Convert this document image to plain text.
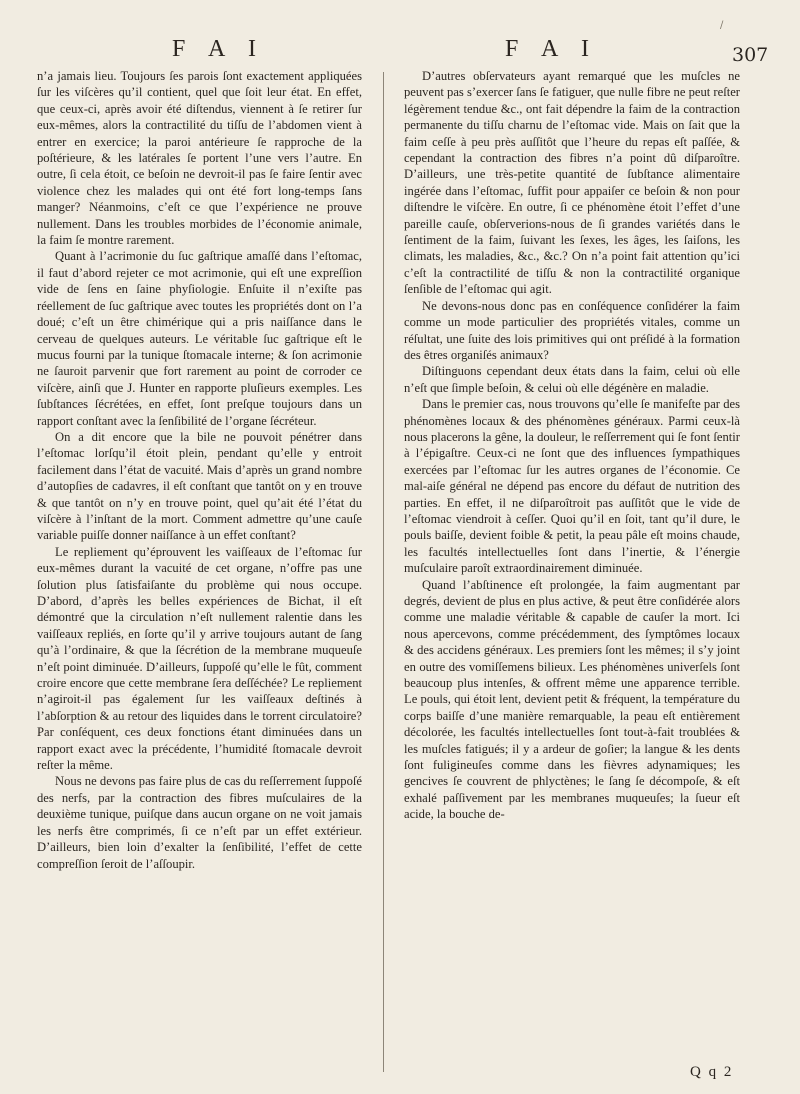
/
F A I	F A I	307

n’a jamais lieu. Toujours ſes parois ſont exactement appliquées ſur les viſcères qu’il contient, quel que ſoit leur état. En effet, que ceux-ci, après avoir été diſtendus, viennent à ſe retirer ſur eux-mêmes, alors la contractilité du tiſſu de l’abdomen vient à entrer en exercice; la paroi antérieure ſe rapproche de la poſtérieure, & les latérales ſe portent l’une vers l’autre. En outre, ſi cela étoit, ce beſoin ne devroit-il pas ſe faire ſentir avec violence chez les malades qui ont été fort long-temps ſans manger? Néanmoins, c’eſt ce que l’expérience ne prouve nullement. Dans les troubles morbides de l’économie animale, la faim ſe montre rarement.

Quant à l’acrimonie du ſuc gaſtrique amaſſé dans l’eſtomac, il faut d’abord rejeter ce mot acrimonie, qui eſt une expreſſion vide de ſens en ſaine phyſiologie. Enſuite il n’exiſte pas réellement de ſuc gaſtrique avec toutes les propriétés dont on l’a doué; c’eſt un être chimérique qui a pris naiſſance dans le cerveau de quelques auteurs. Le véritable ſuc gaſtrique eſt le mucus fourni par la tunique ſtomacale interne; & ſon acrimonie ne ſauroit parvenir que fort rarement au point de corroder ce viſcère, ainſi que J. Hunter en rapporte pluſieurs exemples. Les ſubſtances ſécrétées, en effet, ſont preſque toujours dans un rapport conſtant avec la ſenſibilité de l’organe ſécréteur.

On a dit encore que la bile ne pouvoit pénétrer dans l’eſtomac lorſqu’il étoit plein, pendant qu’elle y entroit facilement dans l’état de vacuité. Mais d’après un grand nombre d’autopſies de cadavres, il eſt conſtant que tantôt on y en trouve & que tantôt on n’y en trouve point, quel qu’ait été l’état du viſcère à l’inſtant de la mort. Comment admettre qu’une cauſe variable puiſſe donner naiſſance à un effet conſtant?

Le repliement qu’éprouvent les vaiſſeaux de l’eſtomac ſur eux-mêmes durant la vacuité de cet organe, n’offre pas une ſolution plus ſatisfaiſante du problème qui nous occupe. D’abord, d’après les belles expériences de Bichat, il eſt démontré que la circulation n’eſt nullement ralentie dans les vaiſſeaux repliés, en ſorte qu’il y arrive toujours autant de ſang qu’à l’ordinaire, & que la ſécrétion de la membrane muqueuſe n’eſt point diminuée. D’ailleurs, ſuppoſé qu’elle le fût, comment croire encore que cette membrane ſera deſſéchée? Le repliement n’agiroit-il pas également ſur les vaiſſeaux deſtinés à l’abſorption & au retour des liquides dans le torrent circulatoire? Par conſéquent, ces deux fonctions étant diminuées dans un rapport exact avec la précédente, l’humidité ſtomacale devroit reſter la même.

Nous ne devons pas faire plus de cas du reſſerrement ſuppoſé des nerfs, par la contraction des fibres muſculaires de la deuxième tunique, puiſque dans aucun organe on ne voit jamais les nerfs être comprimés, ſi ce n’eſt par un effet extérieur. D’ailleurs, bien loin d’exalter la ſenſibilité, l’effet de cette compreſſion ſeroit de l’aſſoupir.

D’autres obſervateurs ayant remarqué que les muſcles ne peuvent pas s’exercer ſans ſe fatiguer, que nulle fibre ne peut reſter légèrement tendue &c., ont fait dépendre la faim de la contraction permanente du tiſſu charnu de l’eſtomac vide. Mais on ſait que la faim ceſſe à peu près auſſitôt que l’heure du repas eſt paſſée, & cependant la contraction des fibres n’a point dû diſparoître. D’ailleurs, une très-petite quantité de ſubſtance alimentaire ingérée dans l’eſtomac, ſuffit pour appaiſer ce beſoin & non pour diſtendre le viſcère. En outre, ſi ce phénomène étoit l’effet d’une pareille cauſe, obſerverions-nous de ſi grandes variétés dans le ſentiment de la faim, ſuivant les ſexes, les âges, les ſaiſons, les climats, les maladies, &c., &c.? On n’a point fait attention qu’ici c’eſt la contractilité de tiſſu & non la contractilité organique ſenſible de l’eſtomac qui agit.

Ne devons-nous donc pas en conſéquence conſidérer la faim comme un mode particulier des propriétés vitales, comme un réſultat, une ſuite des lois primitives qui ont préſidé à la formation des êtres organiſés animaux?

Diſtinguons cependant deux états dans la faim, celui où elle n’eſt que ſimple beſoin, & celui où elle dégénère en maladie.

Dans le premier cas, nous trouvons qu’elle ſe manifeſte par des phénomènes locaux & des phénomènes généraux. Parmi ceux-là nous placerons la gêne, la douleur, le reſſerrement qui ſe font ſentir à l’épigaſtre. Ceux-ci ne ſont que des influences ſympathiques exercées par l’eſtomac ſur les autres organes de l’économie. Ce mal-aiſe général ne dépend pas encore du défaut de nutrition des parties. En effet, il ne diſparoîtroit pas auſſitôt que le vide de l’eſtomac viendroit à ceſſer. Quoi qu’il en ſoit, tant qu’il dure, le pouls baiſſe, devient foible & petit, la peau pâle eſt moins chaude, les facultés intellectuelles ſont dans l’inertie, & l’énergie muſculaire paroît extraordinairement diminuée.

Quand l’abſtinence eſt prolongée, la faim augmentant par degrés, devient de plus en plus active, & peut être conſidérée alors comme une maladie véritable & capable de cauſer la mort. Ici nous apercevons, comme précédemment, des ſymptômes locaux & des accidens généraux. Les premiers ſont les mêmes; il s’y joint en outre des vomiſſemens bilieux. Les phénomènes univerſels ſont beaucoup plus intenſes, & offrent même une apparence terrible. Le pouls, qui étoit lent, devient petit & fréquent, la température du corps baiſſe d’une manière remarquable, la peau eſt entièrement décolorée, les facultés intellectuelles ſont tout-à-fait troublées & les muſcles fatigués; il y a ardeur de goſier; la langue & les dents ſont fuligineuſes comme dans les fièvres adynamiques; les gencives ſe couvrent de phlyctènes; le ſang ſe décompoſe, & eſt exhalé paſſivement par les membranes muqueuſes; la ſueur eſt acide, la bouche de-

Q q 2
